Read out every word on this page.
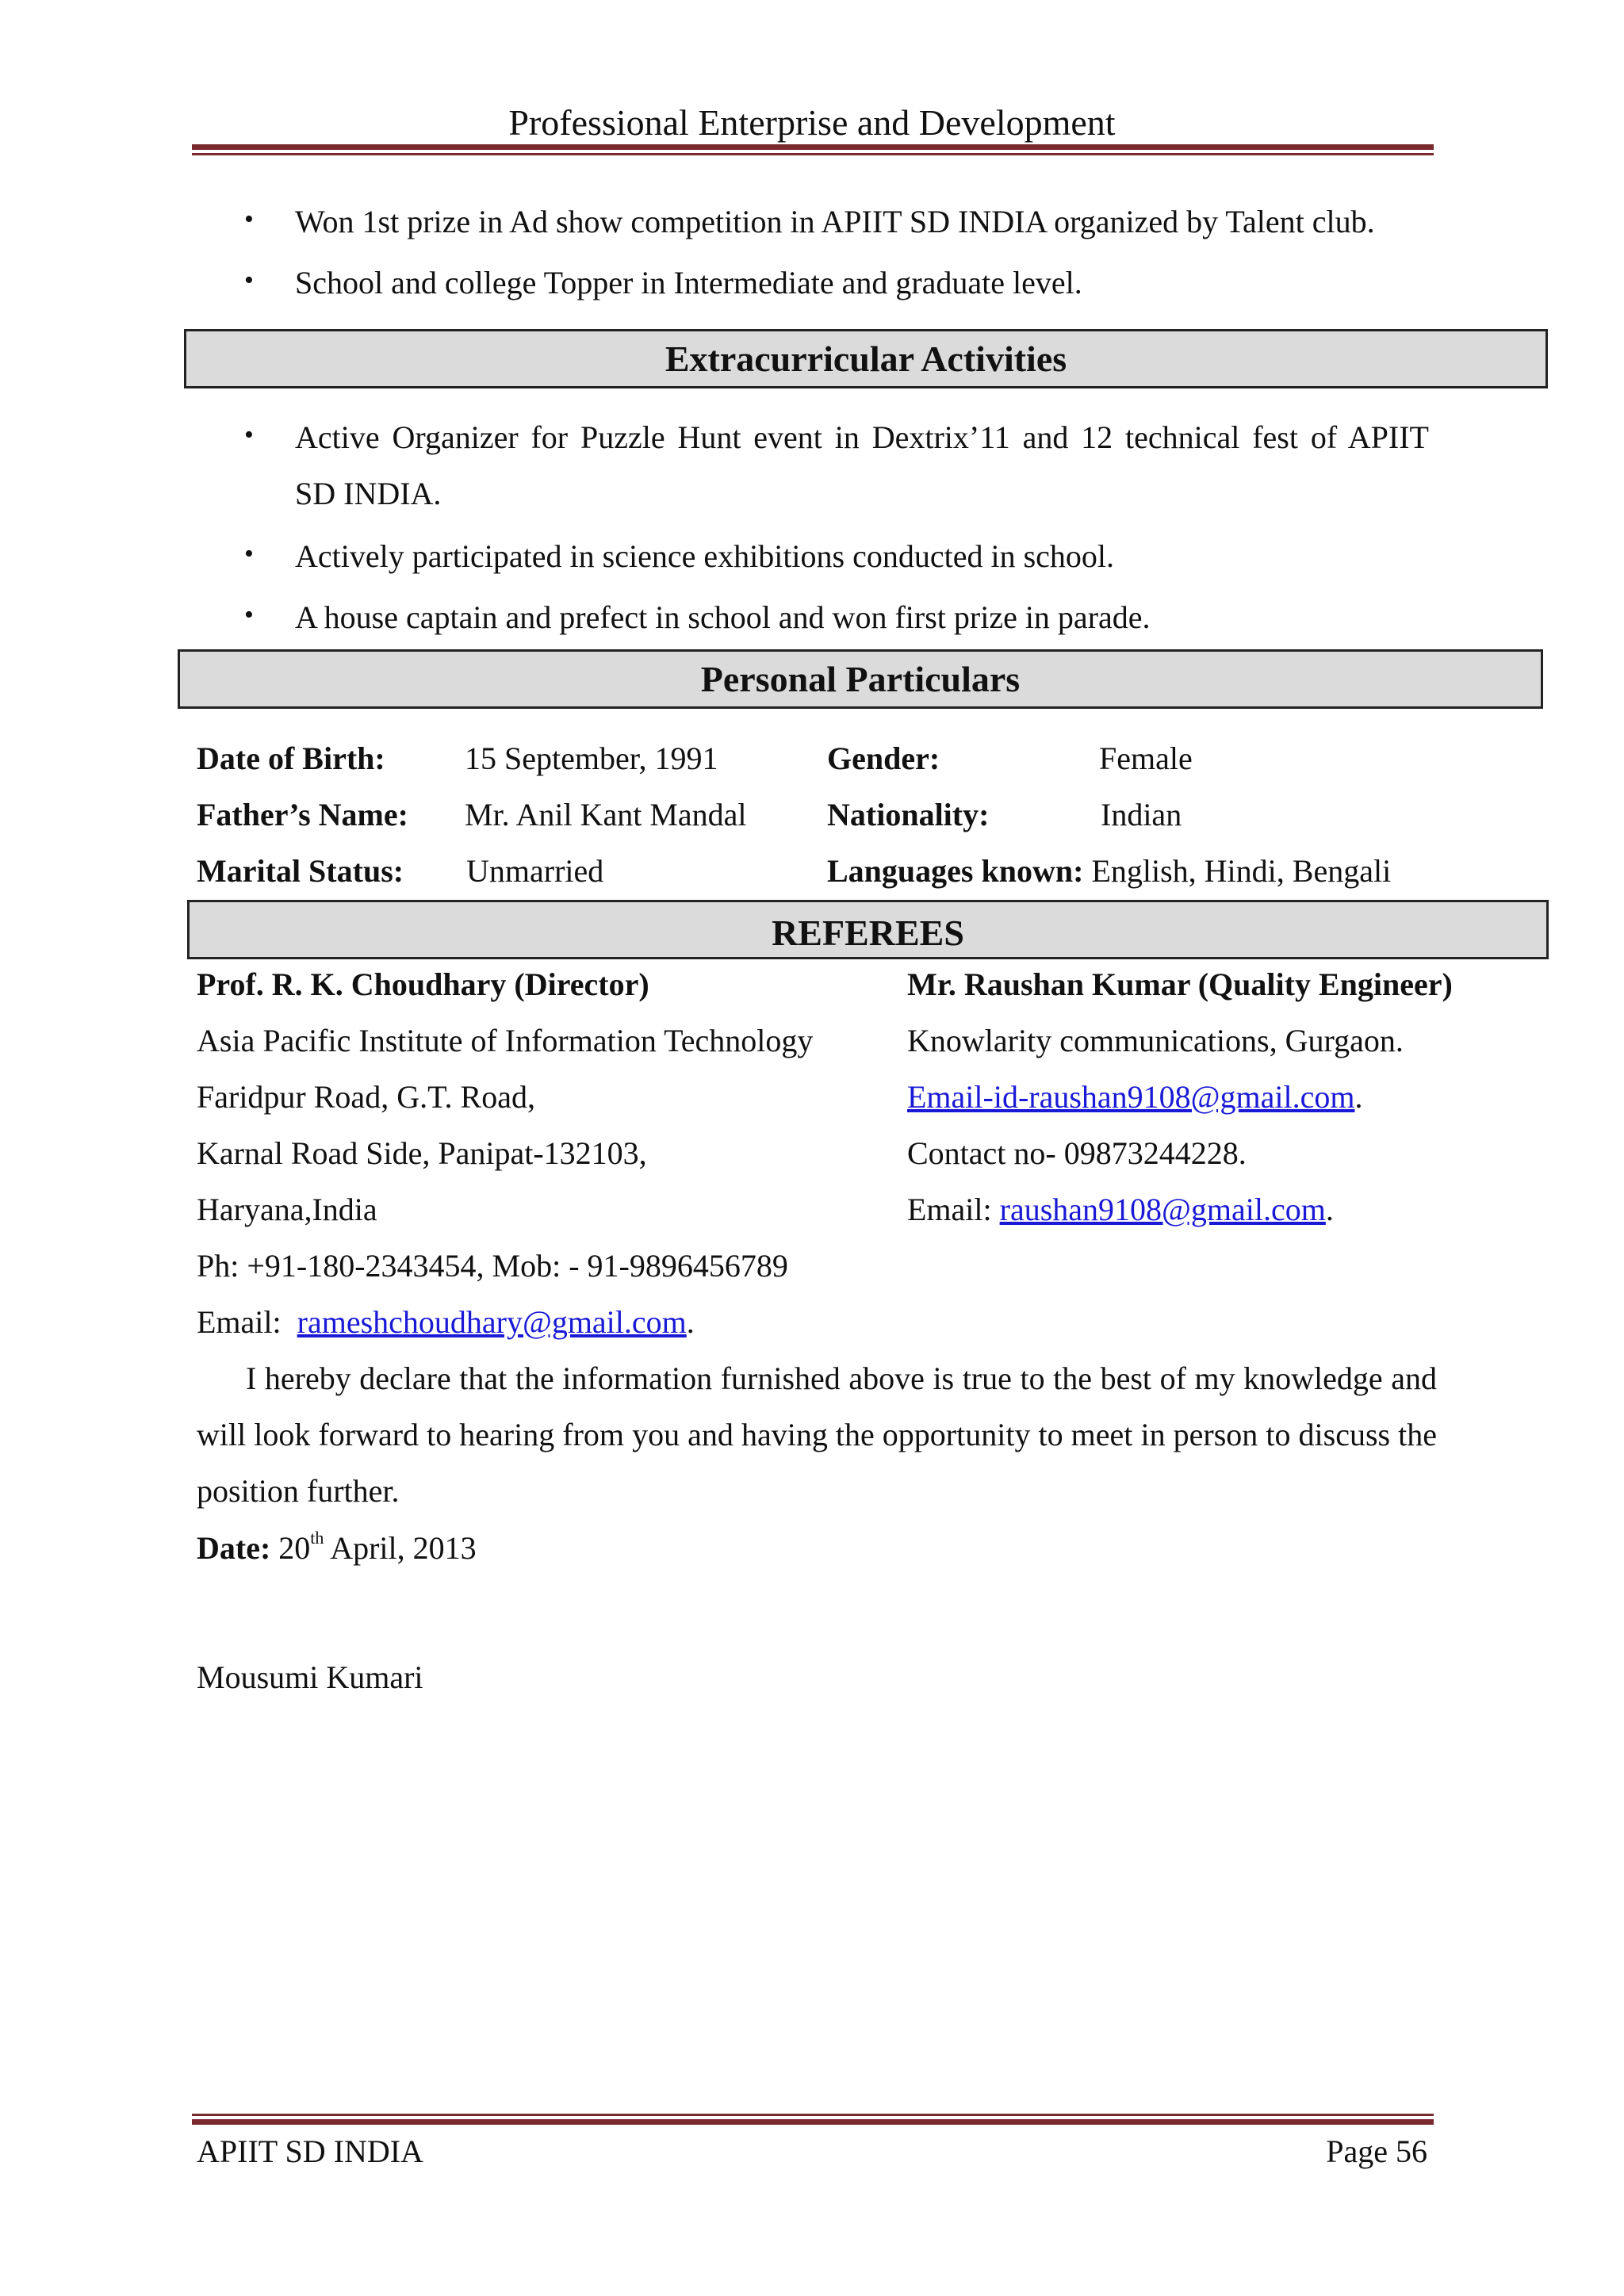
Professional Enterprise and Development
• Won 1st prize in Ad show competition in APIIT SD INDIA organized by Talent club.
• School and college Topper in Intermediate and graduate level.
Extracurricular Activities
• Active Organizer for Puzzle Hunt event in Dextrix’11 and 12 technical fest of APIIT
SD INDIA.
• Actively participated in science exhibitions conducted in school.
• A house captain and prefect in school and won first prize in parade.
Personal Particulars
Date of Birth:	15 September, 1991	Gender:	Female
Father’s Name: Mr. Anil Kant Mandal	Nationality:	Indian
Marital Status: Unmarried	Languages known: English, Hindi, Bengali
REFEREES
Prof. R. K. Choudhary (Director)
Asia Pacific Institute of Information Technology
Faridpur Road, G.T. Road,
Karnal Road Side, Panipat-132103,
Haryana,India
Ph: +91-180-2343454, Mob: - 91-9896456789
Email:  rameshchoudhary@gmail.com.
Mr. Raushan Kumar (Quality Engineer)
Knowlarity communications, Gurgaon.
Email-id-raushan9108@gmail.com.
Contact no- 09873244228.
Email: raushan9108@gmail.com.
I hereby declare that the information furnished above is true to the best of my knowledge and will look forward to hearing from you and having the opportunity to meet in person to discuss the position further.
Date: 20th April, 2013
Mousumi Kumari
APIIT SD INDIA	Page 56
